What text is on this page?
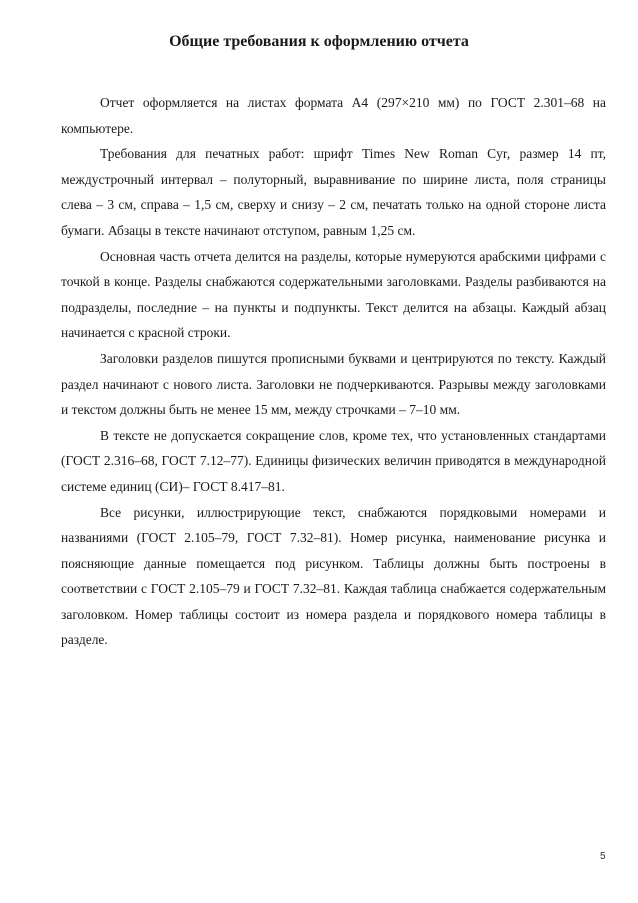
Общие требования к оформлению отчета

Отчет оформляется на листах формата А4 (297×210 мм) по ГОСТ 2.301–68 на компьютере.

Требования для печатных работ: шрифт Times New Roman Cyr, размер 14 пт, междустрочный интервал – полуторный, выравнивание по ширине листа, поля страницы слева – 3 см, справа – 1,5 см, сверху и снизу – 2 см, печатать только на одной стороне листа бумаги. Абзацы в тексте начинают отступом, равным 1,25 см.

Основная часть отчета делится на разделы, которые нумеруются арабскими цифрами с точкой в конце. Разделы снабжаются содержательными заголовками. Разделы разбиваются на подразделы, последние – на пункты и подпункты. Текст делится на абзацы. Каждый абзац начинается с красной строки.

Заголовки разделов пишутся прописными буквами и центрируются по тексту. Каждый раздел начинают с нового листа. Заголовки не подчеркиваются. Разрывы между заголовками и текстом должны быть не менее 15 мм, между строчками – 7–10 мм.

В тексте не допускается сокращение слов, кроме тех, что установленных стандартами (ГОСТ 2.316–68, ГОСТ 7.12–77). Единицы физических величин приводятся в международной системе единиц (СИ)– ГОСТ 8.417–81.

Все рисунки, иллюстрирующие текст, снабжаются порядковыми номерами и названиями (ГОСТ 2.105–79, ГОСТ 7.32–81). Номер рисунка, наименование рисунка и поясняющие данные помещается под рисунком. Таблицы должны быть построены в соответствии с ГОСТ 2.105–79 и ГОСТ 7.32–81. Каждая таблица снабжается содержательным заголовком. Номер таблицы состоит из номера раздела и порядкового номера таблицы в разделе.

5
